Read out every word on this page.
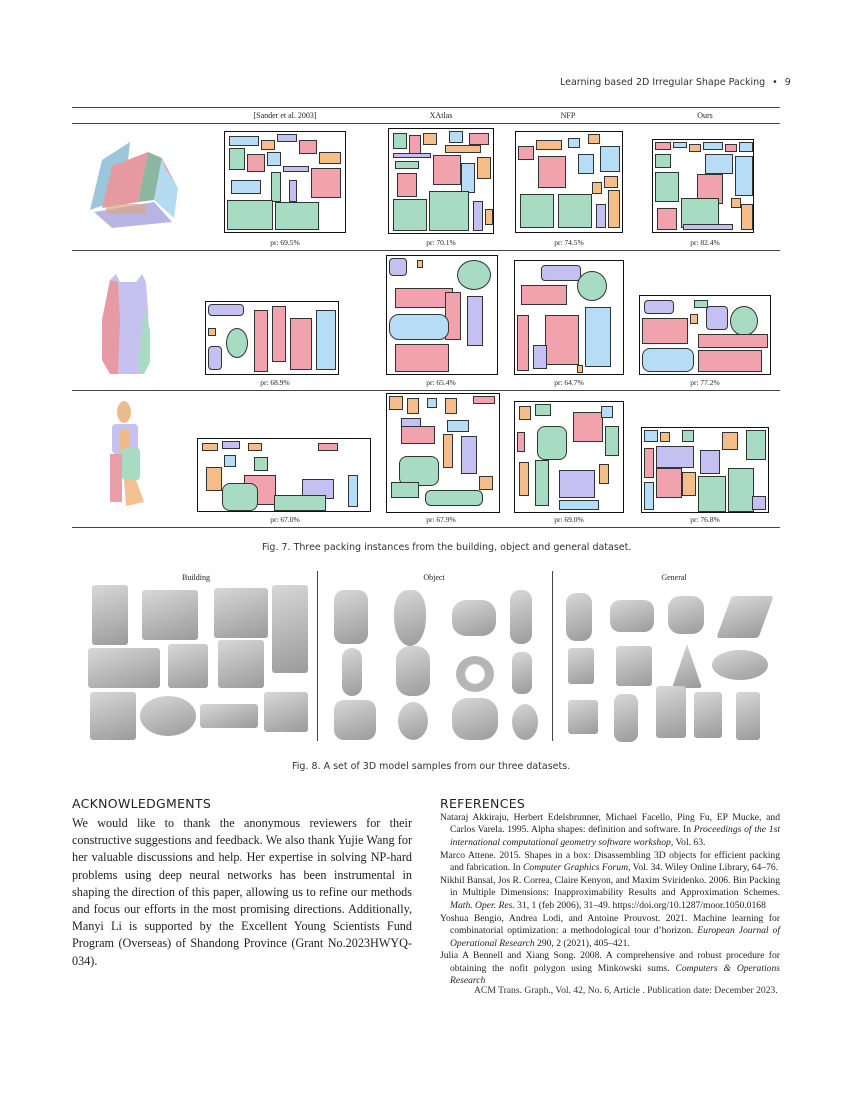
Learning based 2D Irregular Shape Packing • 9
[Sander et al. 2003]	XAtlas	NFP	Ours
pr: 69.5%	pr: 70.1%	pr: 74.5%	pr: 82.4%
pr: 68.9%	pr: 65.4%	pr: 64.7%	pr: 77.2%
pr: 67.0%	pr: 67.9%	pr: 69.0%	pr: 76.8%
Fig. 7. Three packing instances from the building, object and general dataset.
Building	Object	General
Fig. 8. A set of 3D model samples from our three datasets.
ACKNOWLEDGMENTS
We would like to thank the anonymous reviewers for their constructive suggestions and feedback. We also thank Yujie Wang for her valuable discussions and help. Her expertise in solving NP-hard problems using deep neural networks has been instrumental in shaping the direction of this paper, allowing us to refine our methods and focus our efforts in the most promising directions. Additionally, Manyi Li is supported by the Excellent Young Scientists Fund Program (Overseas) of Shandong Province (Grant No.2023HWYQ-034).
REFERENCES

Nataraj Akkiraju, Herbert Edelsbrunner, Michael Facello, Ping Fu, EP Mucke, and Carlos Varela. 1995. Alpha shapes: definition and software. In Proceedings of the 1st international computational geometry software workshop, Vol. 63.

Marco Attene. 2015. Shapes in a box: Disassembling 3D objects for efficient packing and fabrication. In Computer Graphics Forum, Vol. 34. Wiley Online Library, 64–76.

Nikhil Bansal, Jos R. Correa, Claire Kenyon, and Maxim Sviridenko. 2006. Bin Packing in Multiple Dimensions: Inapproximability Results and Approximation Schemes. Math. Oper. Res. 31, 1 (feb 2006), 31–49. https://doi.org/10.1287/moor.1050.0168

Yoshua Bengio, Andrea Lodi, and Antoine Prouvost. 2021. Machine learning for combinatorial optimization: a methodological tour d’horizon. European Journal of Operational Research 290, 2 (2021), 405–421.

Julia A Bennell and Xiang Song. 2008. A comprehensive and robust procedure for obtaining the nofit polygon using Minkowski sums. Computers & Operations Research

ACM Trans. Graph., Vol. 42, No. 6, Article . Publication date: December 2023.
